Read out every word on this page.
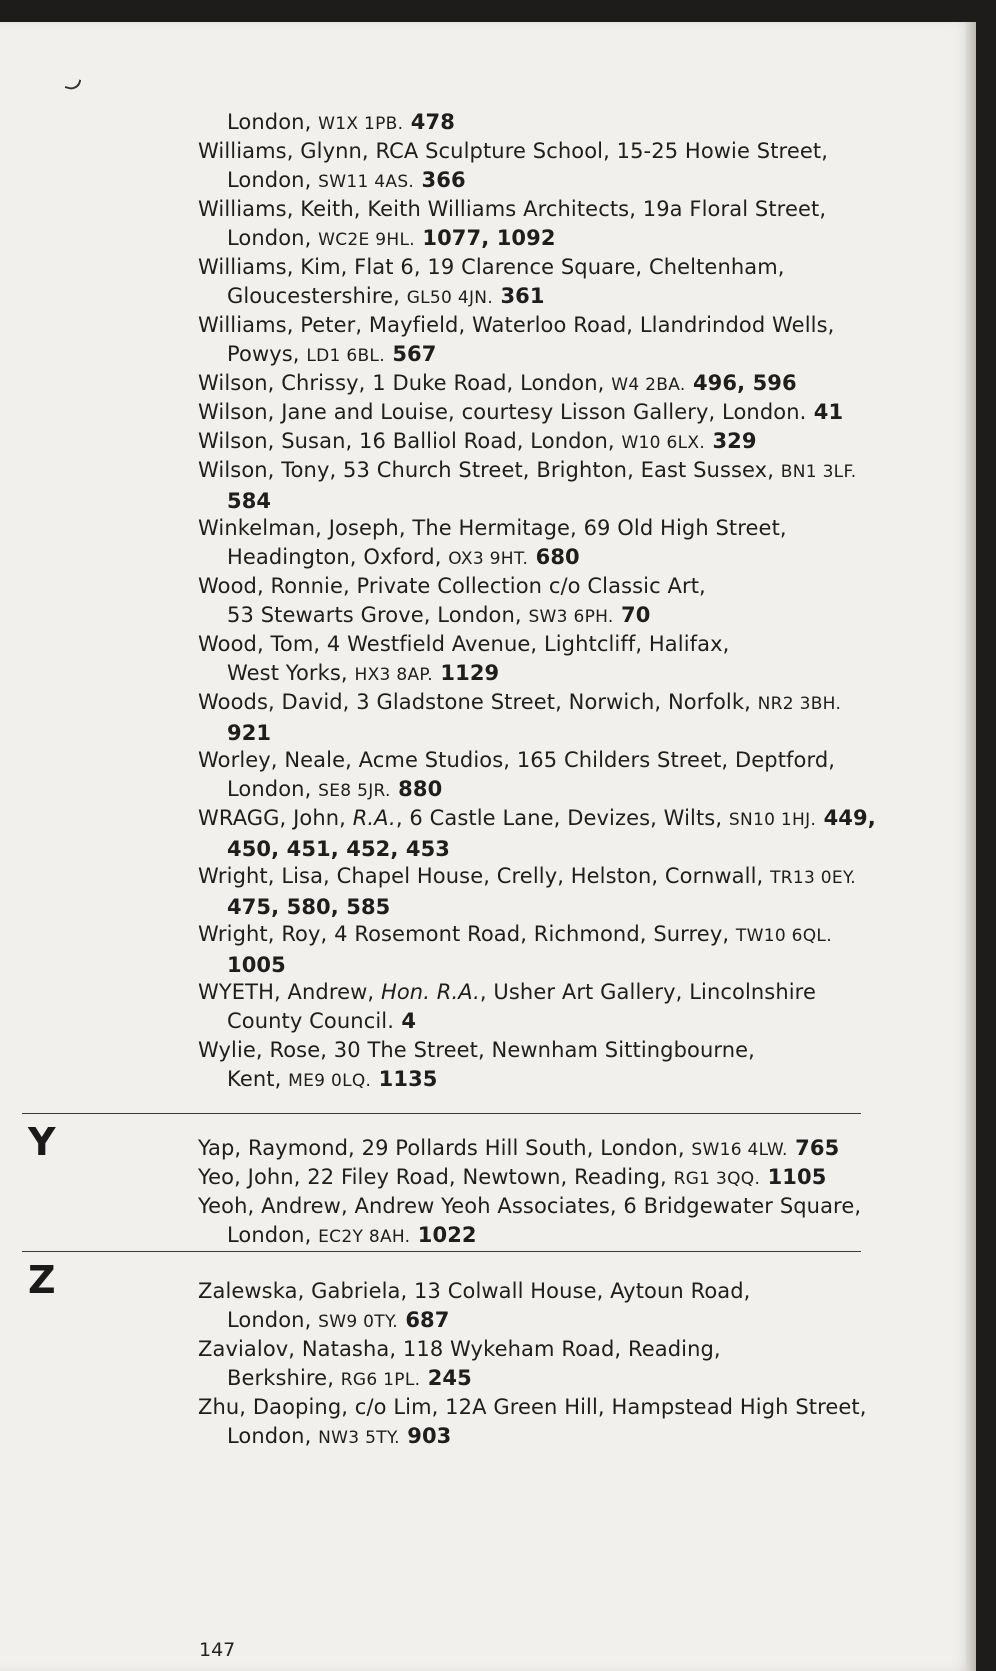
London, W1X 1PB. 478
Williams, Glynn, RCA Sculpture School, 15-25 Howie Street,
London, SW11 4AS. 366
Williams, Keith, Keith Williams Architects, 19a Floral Street,
London, WC2E 9HL. 1077, 1092
Williams, Kim, Flat 6, 19 Clarence Square, Cheltenham,
Gloucestershire, GL50 4JN. 361
Williams, Peter, Mayfield, Waterloo Road, Llandrindod Wells,
Powys, LD1 6BL. 567
Wilson, Chrissy, 1 Duke Road, London, W4 2BA. 496, 596
Wilson, Jane and Louise, courtesy Lisson Gallery, London. 41
Wilson, Susan, 16 Balliol Road, London, W10 6LX. 329
Wilson, Tony, 53 Church Street, Brighton, East Sussex, BN1 3LF.
584
Winkelman, Joseph, The Hermitage, 69 Old High Street,
Headington, Oxford, OX3 9HT. 680
Wood, Ronnie, Private Collection c/o Classic Art,
53 Stewarts Grove, London, SW3 6PH. 70
Wood, Tom, 4 Westfield Avenue, Lightcliff, Halifax,
West Yorks, HX3 8AP. 1129
Woods, David, 3 Gladstone Street, Norwich, Norfolk, NR2 3BH.
921
Worley, Neale, Acme Studios, 165 Childers Street, Deptford,
London, SE8 5JR. 880
WRAGG, John, R.A., 6 Castle Lane, Devizes, Wilts, SN10 1HJ. 449,
450, 451, 452, 453
Wright, Lisa, Chapel House, Crelly, Helston, Cornwall, TR13 0EY.
475, 580, 585
Wright, Roy, 4 Rosemont Road, Richmond, Surrey, TW10 6QL.
1005
WYETH, Andrew, Hon. R.A., Usher Art Gallery, Lincolnshire
County Council. 4
Wylie, Rose, 30 The Street, Newnham Sittingbourne,
Kent, ME9 0LQ. 1135
Y	Yap, Raymond, 29 Pollards Hill South, London, SW16 4LW. 765
Yeo, John, 22 Filey Road, Newtown, Reading, RG1 3QQ. 1105
Yeoh, Andrew, Andrew Yeoh Associates, 6 Bridgewater Square,
London, EC2Y 8AH. 1022
Z	Zalewska, Gabriela, 13 Colwall House, Aytoun Road,
London, SW9 0TY. 687
Zavialov, Natasha, 118 Wykeham Road, Reading,
Berkshire, RG6 1PL. 245
Zhu, Daoping, c/o Lim, 12A Green Hill, Hampstead High Street,
London, NW3 5TY. 903
147
